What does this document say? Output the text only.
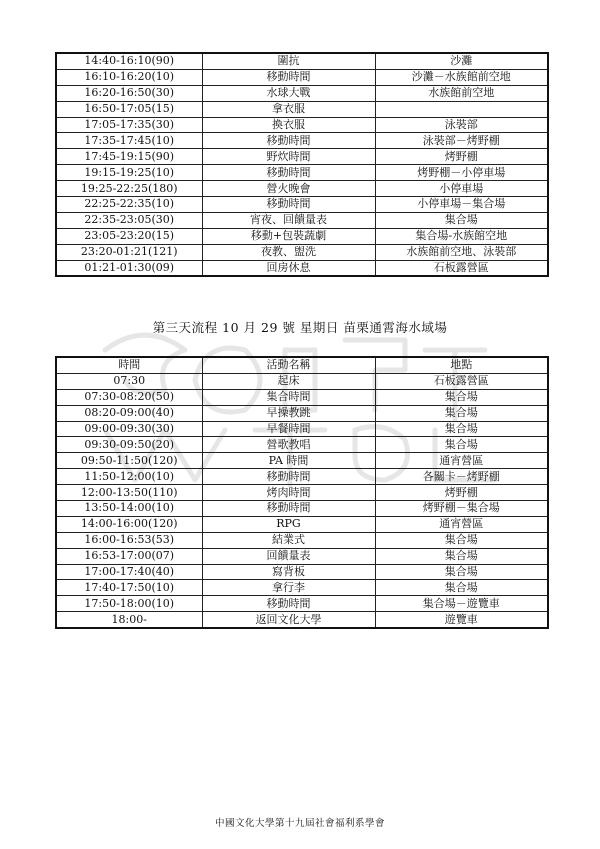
14:40-16:10(90)	圍抗	沙灘
16:10-16:20(10)	移動時間	沙灘－水族館前空地
16:20-16:50(30)	水球大戰	水族館前空地
16:50-17:05(15)	拿衣服	
17:05-17:35(30)	換衣服	泳裝部
17:35-17:45(10)	移動時間	泳裝部－烤野棚
17:45-19:15(90)	野炊時間	烤野棚
19:15-19:25(10)	移動時間	烤野棚－小停車場
19:25-22:25(180)	營火晚會	小停車場
22:25-22:35(10)	移動時間	小停車場－集合場
22:35-23:05(30)	宵夜、回饋量表	集合場
23:05-23:20(15)	移動+包裝蔬劇	集合場-水族館空地
23:20-01:21(121)	夜教、盥洗	水族館前空地、泳裝部
01:21-01:30(09)	回房休息	石板露營區
第三天流程 10 月 29 號 星期日 苗栗通霄海水域場
時間	活動名稱	地點
07:30	起床	石板露營區
07:30-08:20(50)	集合時間	集合場
08:20-09:00(40)	早操教跳	集合場
09:00-09:30(30)	早餐時間	集合場
09:30-09:50(20)	營歌教唱	集合場
09:50-11:50(120)	PA 時間	通宵營區
11:50-12:00(10)	移動時間	各關卡－烤野棚
12:00-13:50(110)	烤肉時間	烤野棚
13:50-14:00(10)	移動時間	烤野棚－集合場
14:00-16:00(120)	RPG	通宵營區
16:00-16:53(53)	結業式	集合場
16:53-17:00(07)	回饋量表	集合場
17:00-17:40(40)	寫背板	集合場
17:40-17:50(10)	拿行李	集合場
17:50-18:00(10)	移動時間	集合場－遊覽車
18:00-	返回文化大學	遊覽車
中國文化大學第十九屆社會福利系學會
